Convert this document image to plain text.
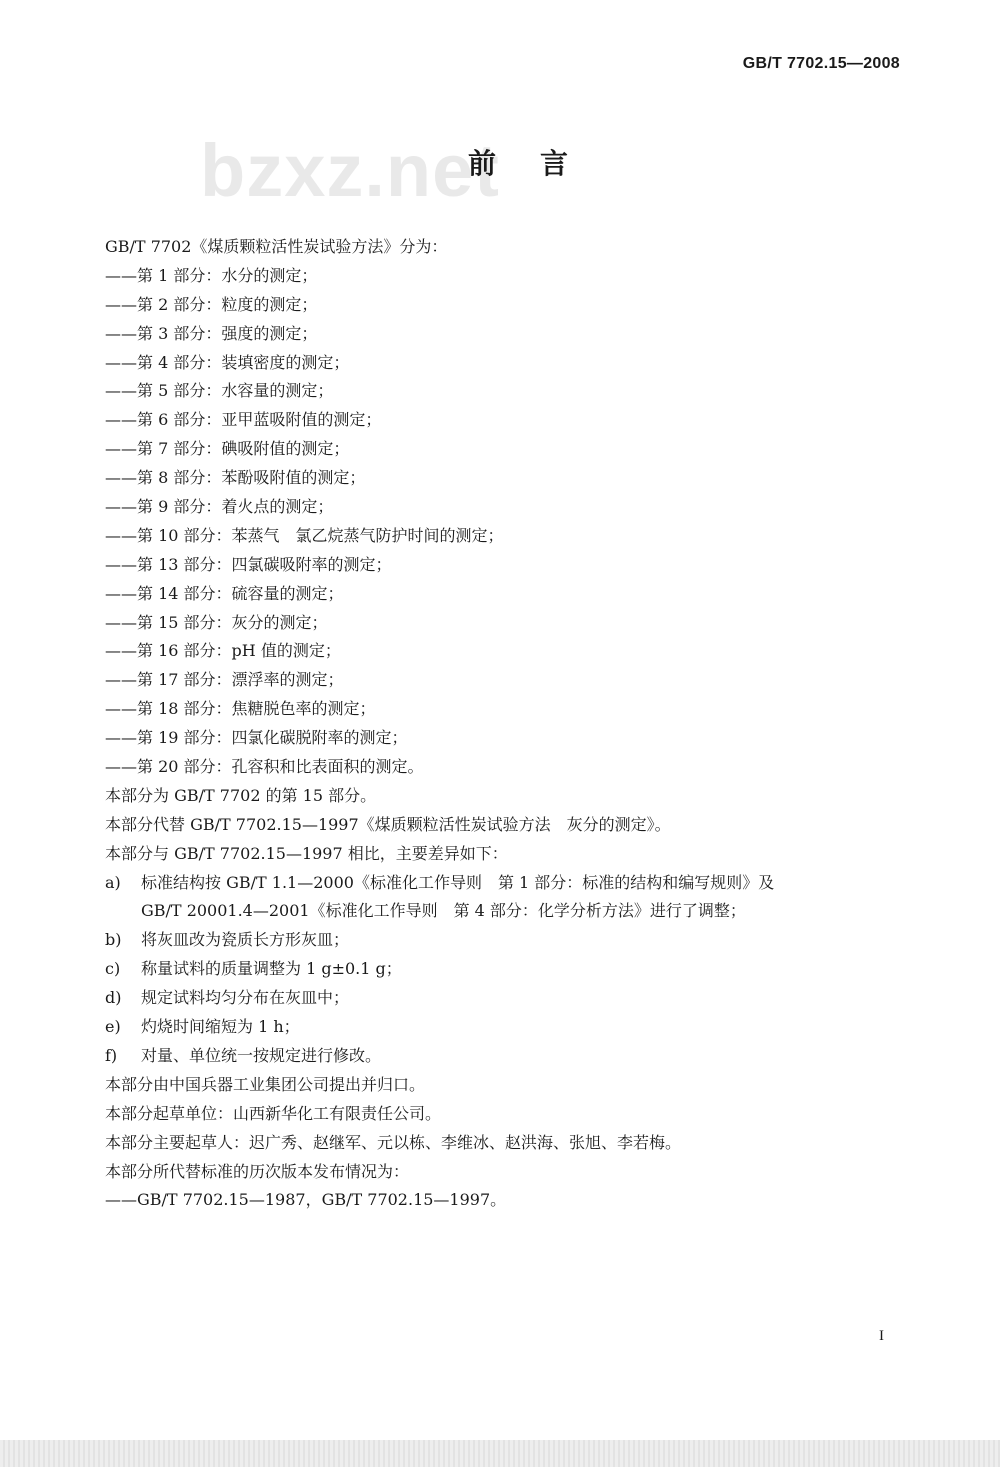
GB/T 7702.15—2008
bzxz.net
前言
GB/T 7702《煤质颗粒活性炭试验方法》分为：
——第 1 部分：水分的测定；
——第 2 部分：粒度的测定；
——第 3 部分：强度的测定；
——第 4 部分：装填密度的测定；
——第 5 部分：水容量的测定；
——第 6 部分：亚甲蓝吸附值的测定；
——第 7 部分：碘吸附值的测定；
——第 8 部分：苯酚吸附值的测定；
——第 9 部分：着火点的测定；
——第 10 部分：苯蒸气　氯乙烷蒸气防护时间的测定；
——第 13 部分：四氯碳吸附率的测定；
——第 14 部分：硫容量的测定；
——第 15 部分：灰分的测定；
——第 16 部分：pH 值的测定；
——第 17 部分：漂浮率的测定；
——第 18 部分：焦糖脱色率的测定；
——第 19 部分：四氯化碳脱附率的测定；
——第 20 部分：孔容积和比表面积的测定。
本部分为 GB/T 7702 的第 15 部分。
本部分代替 GB/T 7702.15—1997《煤质颗粒活性炭试验方法　灰分的测定》。
本部分与 GB/T 7702.15—1997 相比，主要差异如下：
a) 标准结构按 GB/T 1.1—2000《标准化工作导则　第 1 部分：标准的结构和编写规则》及
GB/T 20001.4—2001《标准化工作导则　第 4 部分：化学分析方法》进行了调整；
b) 将灰皿改为瓷质长方形灰皿；
c) 称量试料的质量调整为 1 g±0.1 g；
d) 规定试料均匀分布在灰皿中；
e) 灼烧时间缩短为 1 h；
f) 对量、单位统一按规定进行修改。
本部分由中国兵器工业集团公司提出并归口。
本部分起草单位：山西新华化工有限责任公司。
本部分主要起草人：迟广秀、赵继军、元以栋、李维冰、赵洪海、张旭、李若梅。
本部分所代替标准的历次版本发布情况为：
——GB/T 7702.15—1987，GB/T 7702.15—1997。
I
